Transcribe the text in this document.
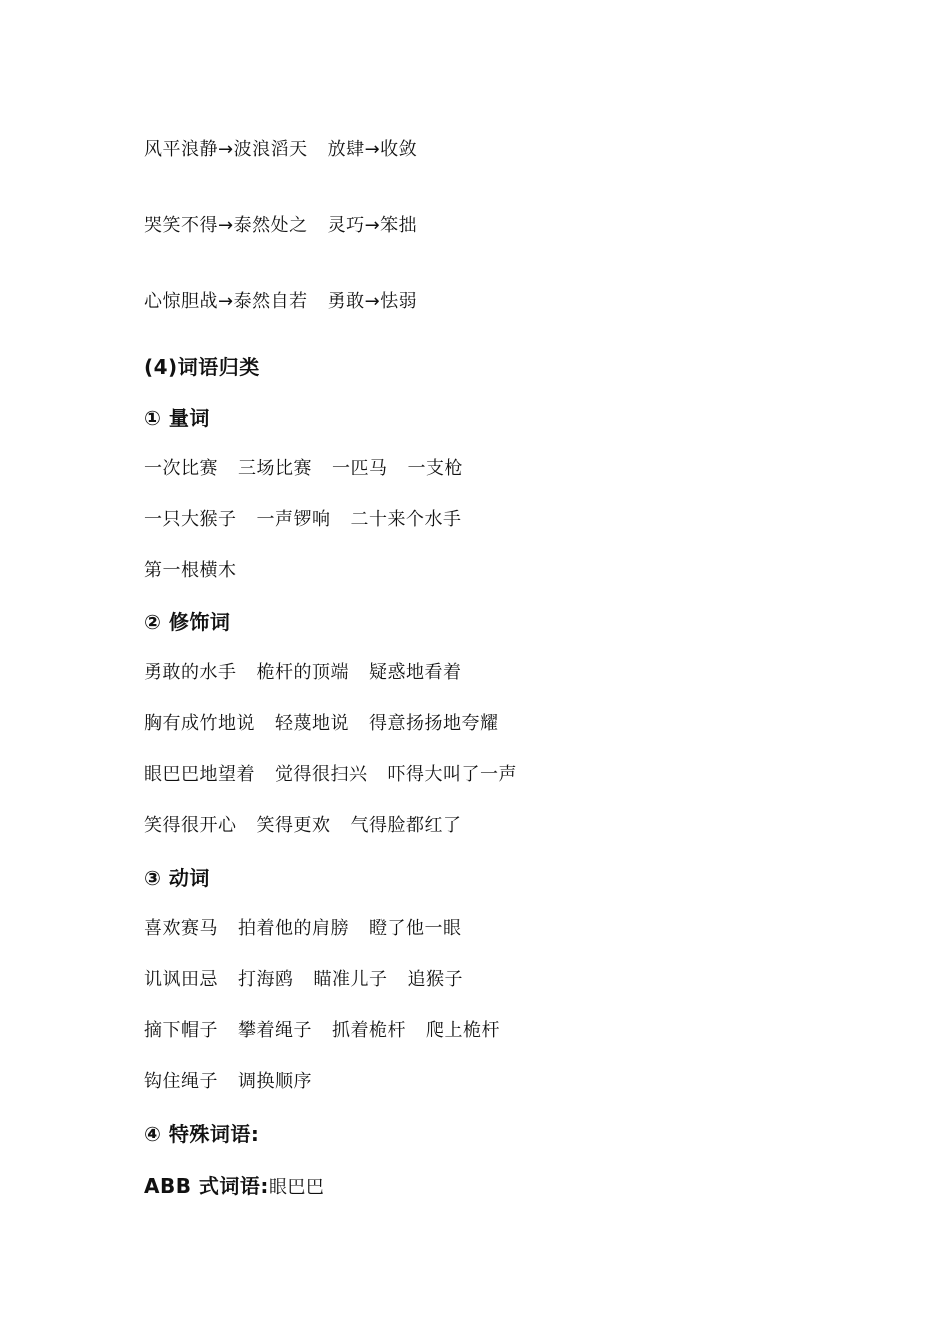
风平浪静→波浪滔天 放肆→收敛
哭笑不得→泰然处之 灵巧→笨拙
心惊胆战→泰然自若 勇敢→怯弱
(4)词语归类
① 量词
一次比赛 三场比赛 一匹马 一支枪
一只大猴子 一声锣响 二十来个水手
第一根横木
② 修饰词
勇敢的水手 桅杆的顶端 疑惑地看着
胸有成竹地说 轻蔑地说 得意扬扬地夸耀
眼巴巴地望着 觉得很扫兴 吓得大叫了一声
笑得很开心 笑得更欢 气得脸都红了
③ 动词
喜欢赛马 拍着他的肩膀 瞪了他一眼
讥讽田忌 打海鸥 瞄准儿子 追猴子
摘下帽子 攀着绳子 抓着桅杆 爬上桅杆
钩住绳子 调换顺序
④ 特殊词语:
ABB 式词语:眼巴巴
